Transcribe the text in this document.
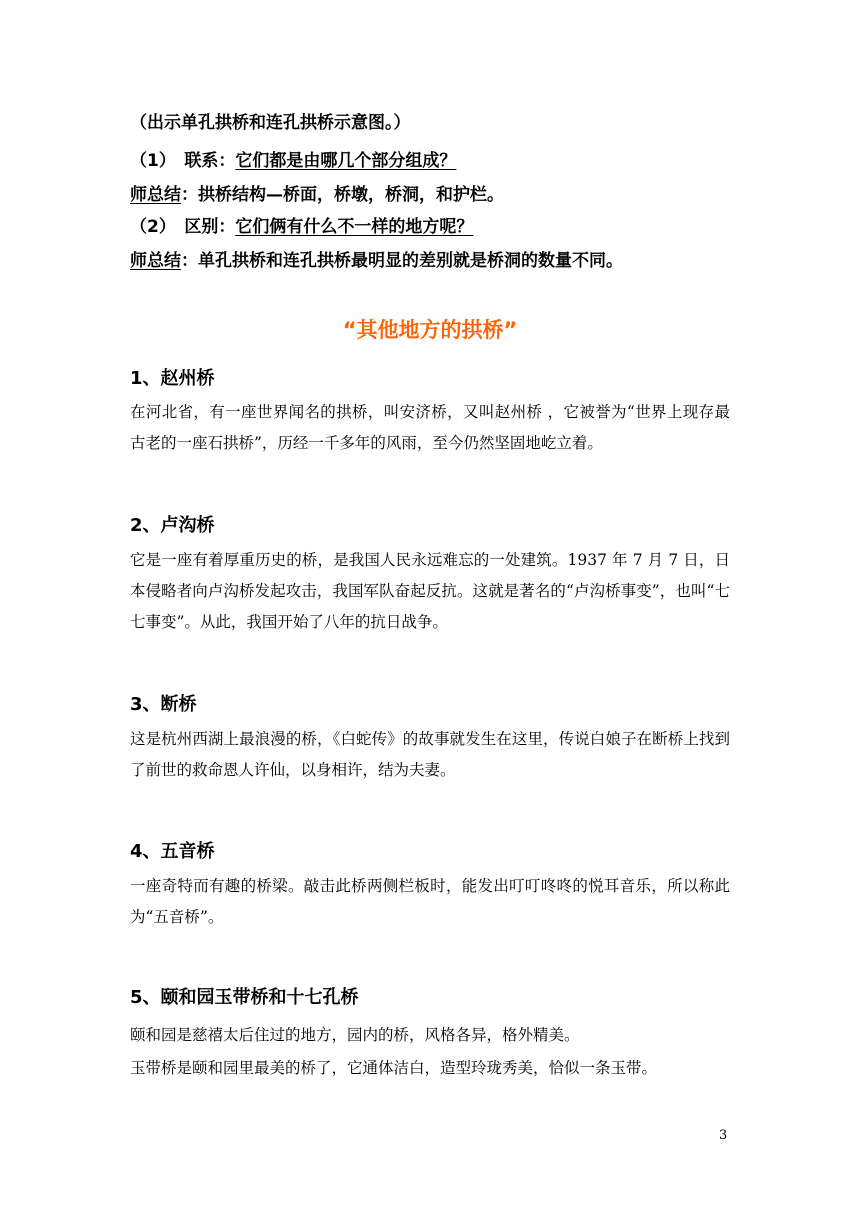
（出示单孔拱桥和连孔拱桥示意图。）
（1）　联系：它们都是由哪几个部分组成？
师总结：拱桥结构—桥面，桥墩，桥洞，和护栏。
（2）　区别：它们俩有什么不一样的地方呢？
师总结：单孔拱桥和连孔拱桥最明显的差别就是桥洞的数量不同。
“其他地方的拱桥”
1、赵州桥
在河北省，有一座世界闻名的拱桥，叫安济桥，又叫赵州桥 ，它被誉为“世界上现存最古老的一座石拱桥”，历经一千多年的风雨，至今仍然坚固地屹立着。
2、卢沟桥
它是一座有着厚重历史的桥，是我国人民永远难忘的一处建筑。1937 年 7 月 7 日，日本侵略者向卢沟桥发起攻击，我国军队奋起反抗。这就是著名的“卢沟桥事变”，也叫“七七事变”。从此，我国开始了八年的抗日战争。
3、断桥
这是杭州西湖上最浪漫的桥，《白蛇传》的故事就发生在这里，传说白娘子在断桥上找到了前世的救命恩人许仙，以身相许，结为夫妻。
4、五音桥
一座奇特而有趣的桥梁。敲击此桥两侧栏板时，能发出叮叮咚咚的悦耳音乐，所以称此为“五音桥”。
5、颐和园玉带桥和十七孔桥
颐和园是慈禧太后住过的地方，园内的桥，风格各异，格外精美。
玉带桥是颐和园里最美的桥了，它通体洁白，造型玲珑秀美，恰似一条玉带。
3
